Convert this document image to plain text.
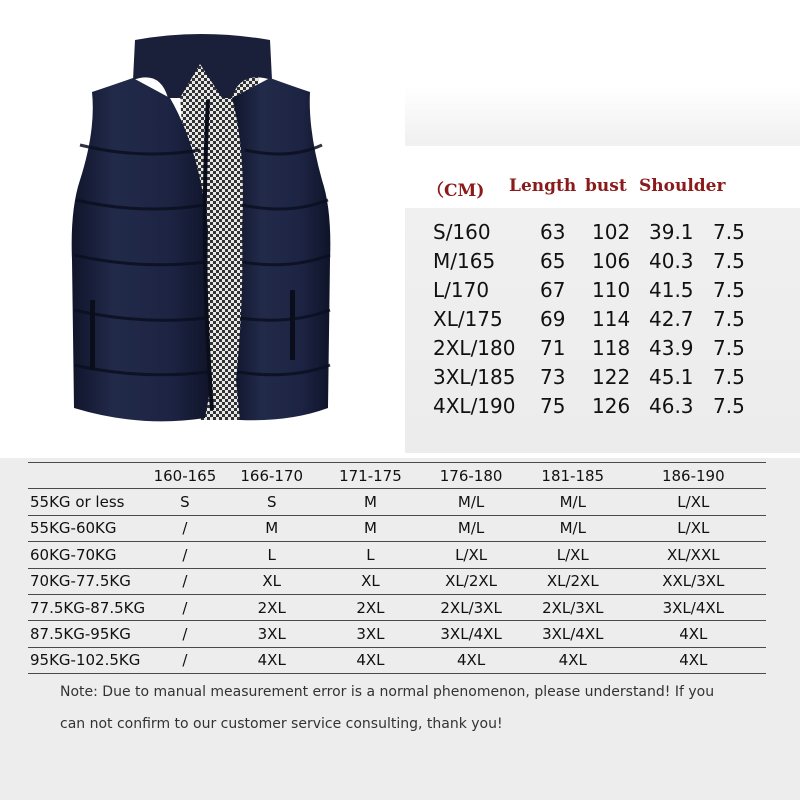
（CM) Length bust Shoulder
S/160 63 102 39.1 7.5
M/165 65 106 40.3 7.5
L/170	67 110 41.5 7.5
XL/175 69 114 42.7 7.5
2XL/180 71 118 43.9 7.5
3XL/185 73 122 45.1 7.5
4XL/190 75 126 46.3 7.5
	160-165	166-170	171-175	176-180	181-185	186-190
55KG or less	S	S	M	M/L	M/L	L/XL
55KG-60KG	/	M	M	M/L	M/L	L/XL
60KG-70KG	/	L	L	L/XL	L/XL	XL/XXL
70KG-77.5KG	/	XL	XL	XL/2XL	XL/2XL	XXL/3XL
77.5KG-87.5KG	/	2XL	2XL	2XL/3XL	2XL/3XL	3XL/4XL
87.5KG-95KG	/	3XL	3XL	3XL/4XL	3XL/4XL	4XL
95KG-102.5KG	/	4XL	4XL	4XL	4XL	4XL
Note: Due to manual measurement error is a normal phenomenon, please understand! If you
can not confirm to our customer service consulting, thank you!
